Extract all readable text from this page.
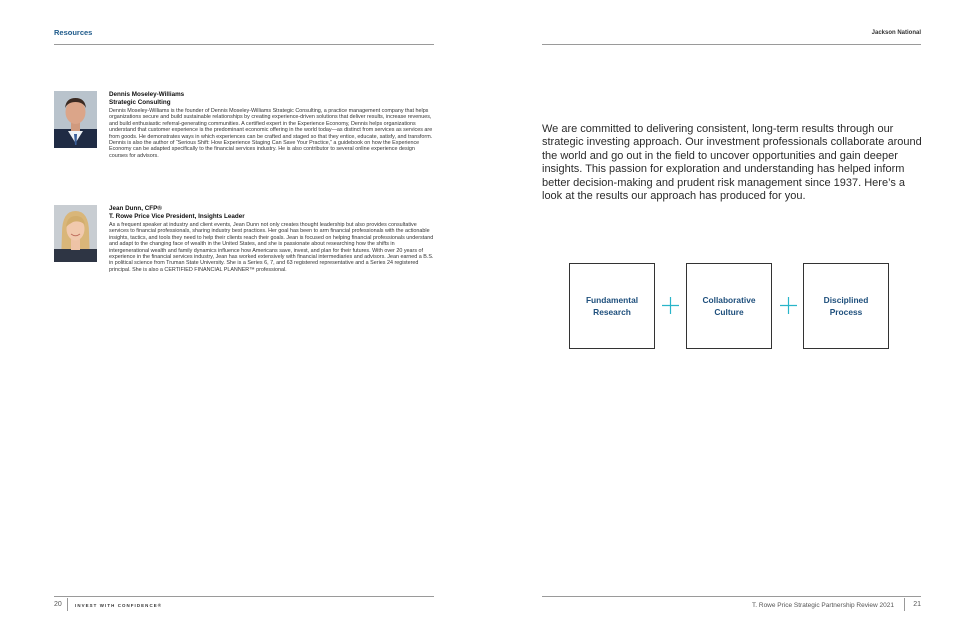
Resources
Dennis Moseley-Williams
Strategic Consulting
Dennis Moseley-Williams is the founder of Dennis Moseley-Williams Strategic Consulting, a practice management company that helps organizations secure and build sustainable relationships by creating experience-driven solutions that deliver results, increase revenues, and build enthusiastic referral-generating communities. A certified expert in the Experience Economy, Dennis helps organizations understand that customer experience is the predominant economic offering in the world today—as distinct from services as services are from goods. He demonstrates ways in which experiences can be crafted and staged so that they entice, educate, satisfy, and transform. Dennis is also the author of “Serious Shift: How Experience Staging Can Save Your Practice,” a guidebook on how the Experience Economy can be adapted specifically to the financial services industry. He is also contributor to several online experience design courses for advisors.
Jean Dunn, CFP®
T. Rowe Price Vice President, Insights Leader
As a frequent speaker at industry and client events, Jean Dunn not only creates thought leadership but also provides consultative services to financial professionals, sharing industry best practices. Her goal has been to arm financial professionals with the actionable insights, tactics, and tools they need to help their clients reach their goals. Jean is focused on helping financial professionals understand and adapt to the changing face of wealth in the United States, and she is passionate about researching how the shifts in intergenerational wealth and family dynamics influence how Americans save, invest, and plan for their futures. With over 20 years of experience in the financial services industry, Jean has worked extensively with financial intermediaries and advisors. Jean earned a B.S. in political science from Truman State University. She is a Series 6, 7, and 63 registered representative and a Series 24 registered principal. She is also a CERTIFIED FINANCIAL PLANNER™ professional.
20	INVEST WITH CONFIDENCE®
Jackson National
We are committed to delivering consistent, long-term results through our strategic investing approach. Our investment professionals collaborate around the world and go out in the field to uncover opportunities and gain deeper insights. This passion for exploration and understanding has helped inform better decision-making and prudent risk management since 1937. Here’s a look at the results our approach has produced for you.
Fundamental Research
Collaborative Culture
Disciplined Process
T. Rowe Price Strategic Partnership Review 2021	21
